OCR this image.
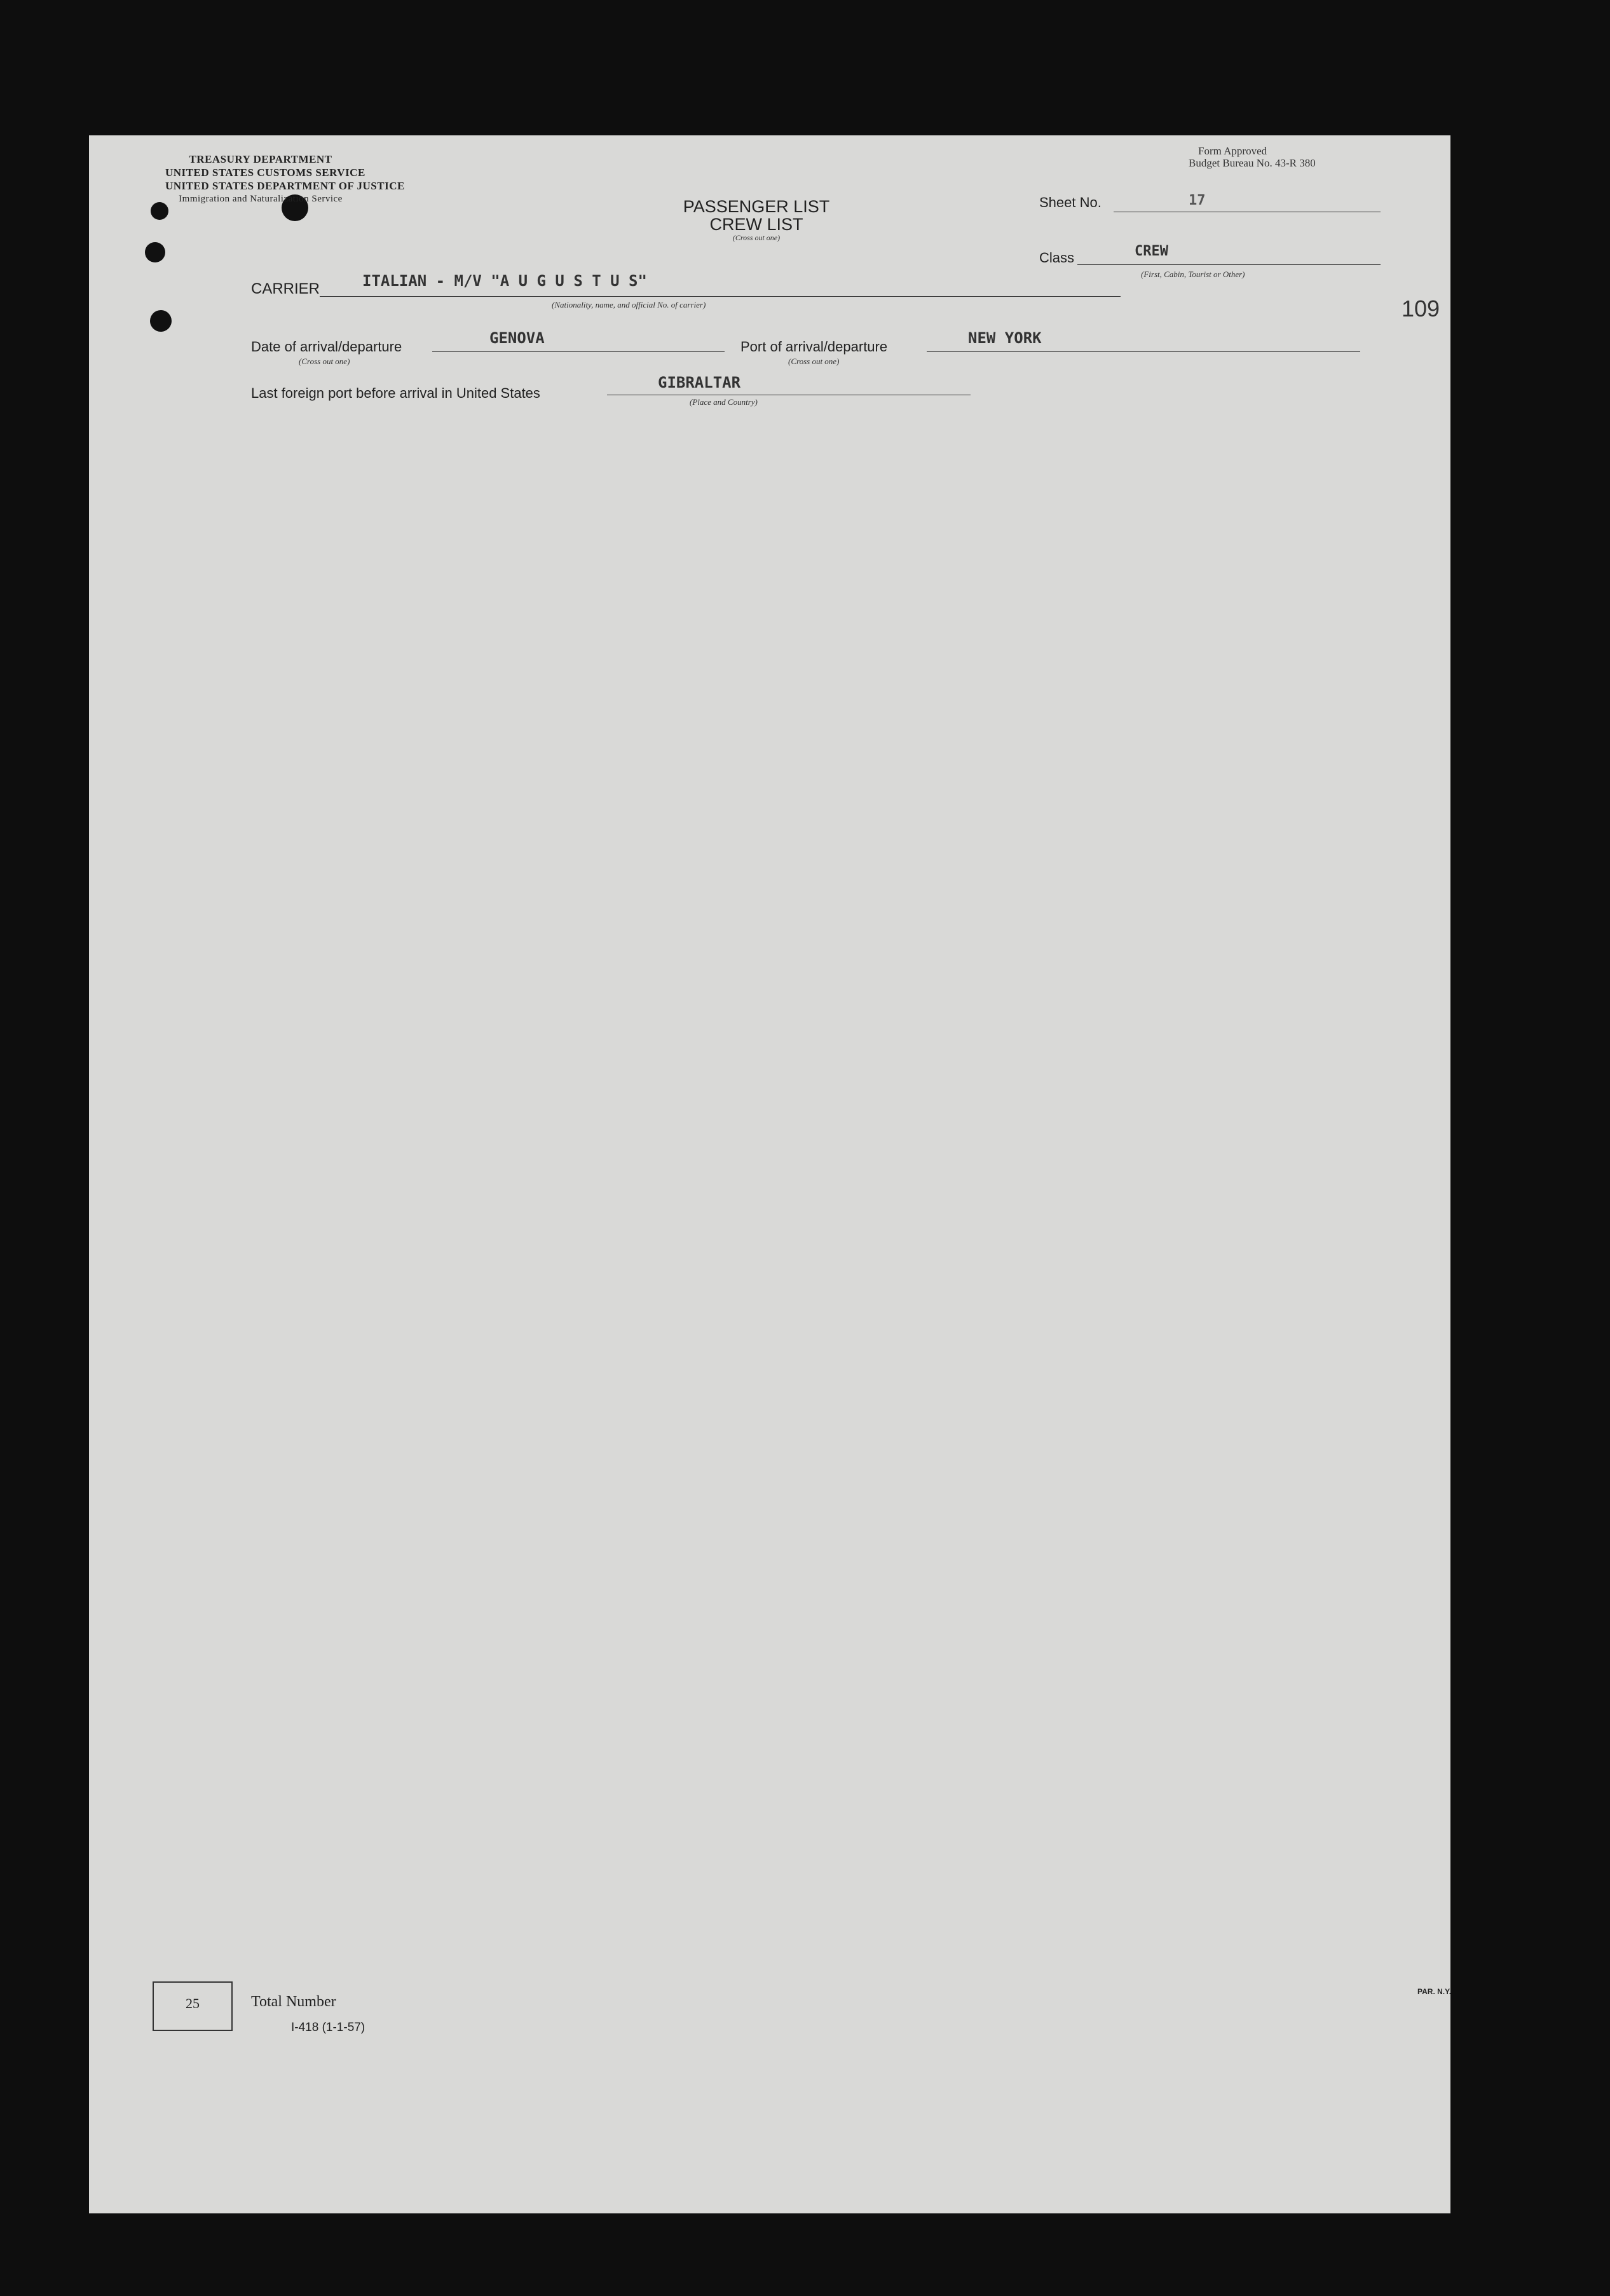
TREASURY DEPARTMENT
UNITED STATES CUSTOMS SERVICE
UNITED STATES DEPARTMENT OF JUSTICE
Immigration and Naturalization Service
Form Approved
Budget Bureau No. 43-R 380
PASSENGER LIST
CREW LIST
(Cross out one)
Sheet No.	17
Class	CREW
(First, Cabin, Tourist or Other)
109
CARRIER	ITALIAN - M/V "A U G U S T U S"
(Nationality, name, and official No. of carrier)
Date of arrival/departure	GENOVA
(Cross out one)
Port of arrival/departure	NEW YORK
(Cross out one)
Last foreign port before arrival in United States
GIBRALTAR
(Place and Country)
25	Total Number
I-418 (1-1-57)
PAR. N.Y.
